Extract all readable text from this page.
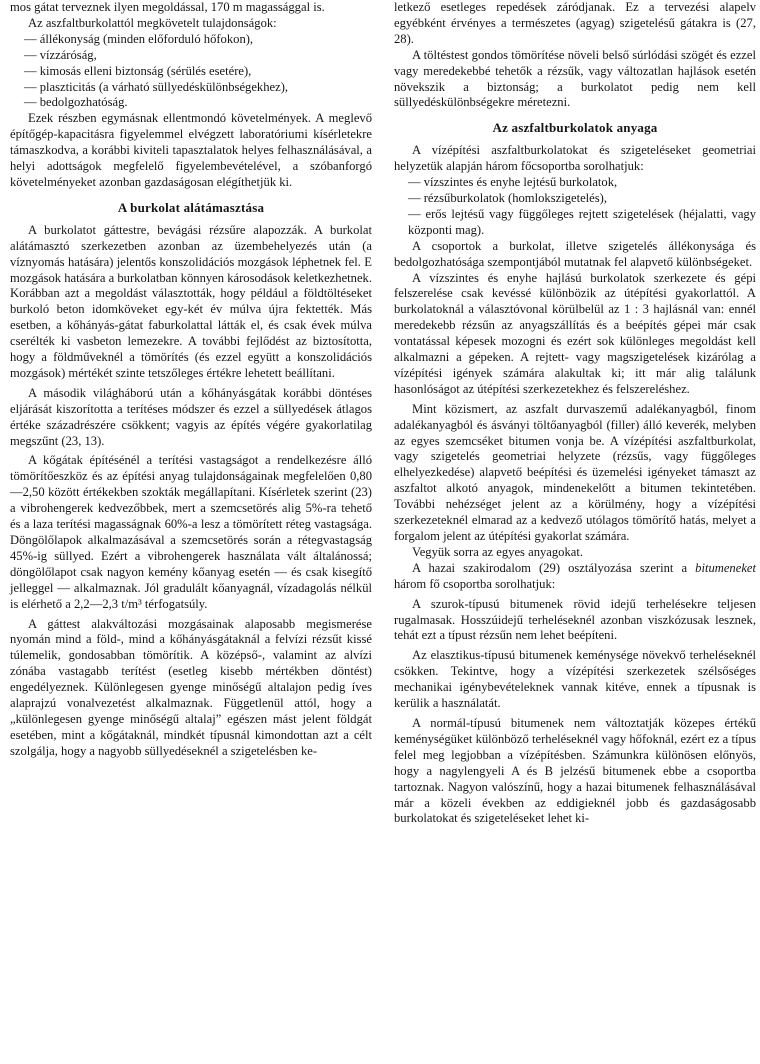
mos gátat terveznek ilyen megoldással, 170 m magassággal is.

Az aszfaltburkolattól megkövetelt tulajdonságok:

— állékonyság (minden előforduló hőfokon),
— vízzáróság,
— kimosás elleni biztonság (sérülés esetére),
— plaszticitás (a várható süllyedéskülönbségekhez),
— bedolgozhatóság.

Ezek részben egymásnak ellentmondó követelmények. A meglevő építőgép-kapacitásra figyelemmel elvégzett laboratóriumi kísérletekre támaszkodva, a korábbi kiviteli tapasztalatok helyes felhasználásával, a helyi adottságok megfelelő figyelembevételével, a szóbanforgó követelményeket azonban gazdaságosan elégíthetjük ki.

A burkolat alátámasztása

A burkolatot gáttestre, bevágási rézsűre alapozzák. A burkolat alátámasztó szerkezetben azonban az üzembehelyezés után (a víznyomás hatására) jelentős konszolidációs mozgások léphetnek fel. E mozgások hatására a burkolatban könnyen károsodások keletkezhetnek. Korábban azt a megoldást választották, hogy például a földtöltéseket burkoló beton idomköveket egy-két év múlva újra fektették. Más esetben, a kőhányás-gátat faburkolattal látták el, és csak évek múlva cserélték ki vasbeton lemezekre. A további fejlődést az biztosította, hogy a földműveknél a tömörítés (és ezzel együtt a konszolidációs mozgások) mértékét szinte tetszőleges értékre lehetett beállítani.

A második világháború után a kőhányásgátak korábbi döntéses eljárását kiszorította a terítéses módszer és ezzel a süllyedések átlagos értéke századrészére csökkent; vagyis az építés végére gyakorlatilag megszűnt (23, 13).

A kőgátak építésénél a terítési vastagságot a rendelkezésre álló tömörítőeszköz és az építési anyag tulajdonságainak megfelelően 0,80—2,50 között értékekben szokták megállapítani. Kísérletek szerint (23) a vibrohengerek kedvezőbbek, mert a szemcsetörés alig 5%-ra tehető és a laza terítési magasságnak 60%-a lesz a tömörített réteg vastagsága. Döngölőlapok alkalmazásával a szemcsetörés során a rétegvastagság 45%-ig süllyed. Ezért a vibrohengerek használata vált általánossá; döngölőlapot csak nagyon kemény kőanyag esetén — és csak kisegítő jelleggel — alkalmaznak. Jól gradulált kőanyagnál, vízadagolás nélkül is elérhető a 2,2—2,3 t/m³ térfogatsúly.

A gáttest alakváltozási mozgásainak alaposabb megismerése nyomán mind a föld-, mind a kőhányásgátaknál a felvízi rézsűt kissé túlemelik, gondosabban tömörítik. A középső-, valamint az alvízi zónába vastagabb terítést (esetleg kisebb mértékben döntést) engedélyeznek. Különlegesen gyenge minőségű altalajon pedig íves alaprajzú vonalvezetést alkalmaznak. Függetlenül attól, hogy a „különlegesen gyenge minőségű altalaj” egészen mást jelent földgát esetében, mint a kőgátaknál, mindkét típusnál kimondottan azt a célt szolgálja, hogy a nagyobb süllyedéseknél a szigetelésben ke-

letkező esetleges repedések záródjanak. Ez a tervezési alapelv egyébként érvényes a természetes (agyag) szigetelésű gátakra is (27, 28).

A töltéstest gondos tömörítése növeli belső súrlódási szögét és ezzel vagy meredekebbé tehetők a rézsűk, vagy változatlan hajlások esetén növekszik a biztonság; a burkolatot pedig nem kell süllyedéskülönbségekre méretezni.

Az aszfaltburkolatok anyaga

A vízépítési aszfaltburkolatokat és szigeteléseket geometriai helyzetük alapján három főcsoportba sorolhatjuk:

— vízszintes és enyhe lejtésű burkolatok,
— rézsűburkolatok (homlokszigetelés),
— erős lejtésű vagy függőleges rejtett szigetelések (héjalatti, vagy központi mag).

A csoportok a burkolat, illetve szigetelés állékonysága és bedolgozhatósága szempontjából mutatnak fel alapvető különbségeket.

A vízszintes és enyhe hajlású burkolatok szerkezete és gépi felszerelése csak kevéssé különbözik az útépítési gyakorlattól. A burkolatoknál a választóvonal körülbelül az 1 : 3 hajlásnál van: ennél meredekebb rézsűn az anyagszállítás és a beépítés gépei már csak vontatással képesek mozogni és ezért sok különleges megoldást kell alkalmazni a gépeken. A rejtett- vagy magszigetelések kizárólag a vízépítési igények számára alakultak ki; itt már alig találunk hasonlóságot az útépítési szerkezetekhez és felszereléshez.

Mint közismert, az aszfalt durvaszemű adalékanyagból, finom adalékanyagból és ásványi töltőanyagból (filler) álló keverék, melyben az egyes szemcséket bitumen vonja be. A vízépítési aszfaltburkolat, vagy szigetelés geometriai helyzete (rézsűs, vagy függőleges elhelyezkedése) alapvető beépítési és üzemelési igényeket támaszt az aszfaltot alkotó anyagok, mindenekelőtt a bitumen tekintetében. További nehézséget jelent az a körülmény, hogy a vízépítési szerkezeteknél elmarad az a kedvező utólagos tömörítő hatás, melyet a forgalom jelent az útépítési gyakorlat számára.

Vegyük sorra az egyes anyagokat.

A hazai szakirodalom (29) osztályozása szerint a bitumeneket három fő csoportba sorolhatjuk:

A szurok-típusú bitumenek rövid idejű terhelésekre teljesen rugalmasak. Hosszúidejű terheléseknél azonban viszkózusak lesznek, tehát ezt a típust rézsűn nem lehet beépíteni.

Az elasztikus-típusú bitumenek keménysége növekvő terheléseknél csökken. Tekintve, hogy a vízépítési szerkezetek szélsőséges mechanikai igénybevételeknek vannak kitéve, ennek a típusnak is kerülik a használatát.

A normál-típusú bitumenek nem változtatják közepes értékű keménységüket különböző terheléseknél vagy hőfoknál, ezért ez a típus felel meg legjobban a vízépítésben. Számunkra különösen előnyös, hogy a nagylengyeli A és B jelzésű bitumenek ebbe a csoportba tartoznak. Nagyon valószínű, hogy a hazai bitumenek felhasználásával már a közeli években az eddigieknél jobb és gazdaságosabb burkolatokat és szigeteléseket lehet ki-
